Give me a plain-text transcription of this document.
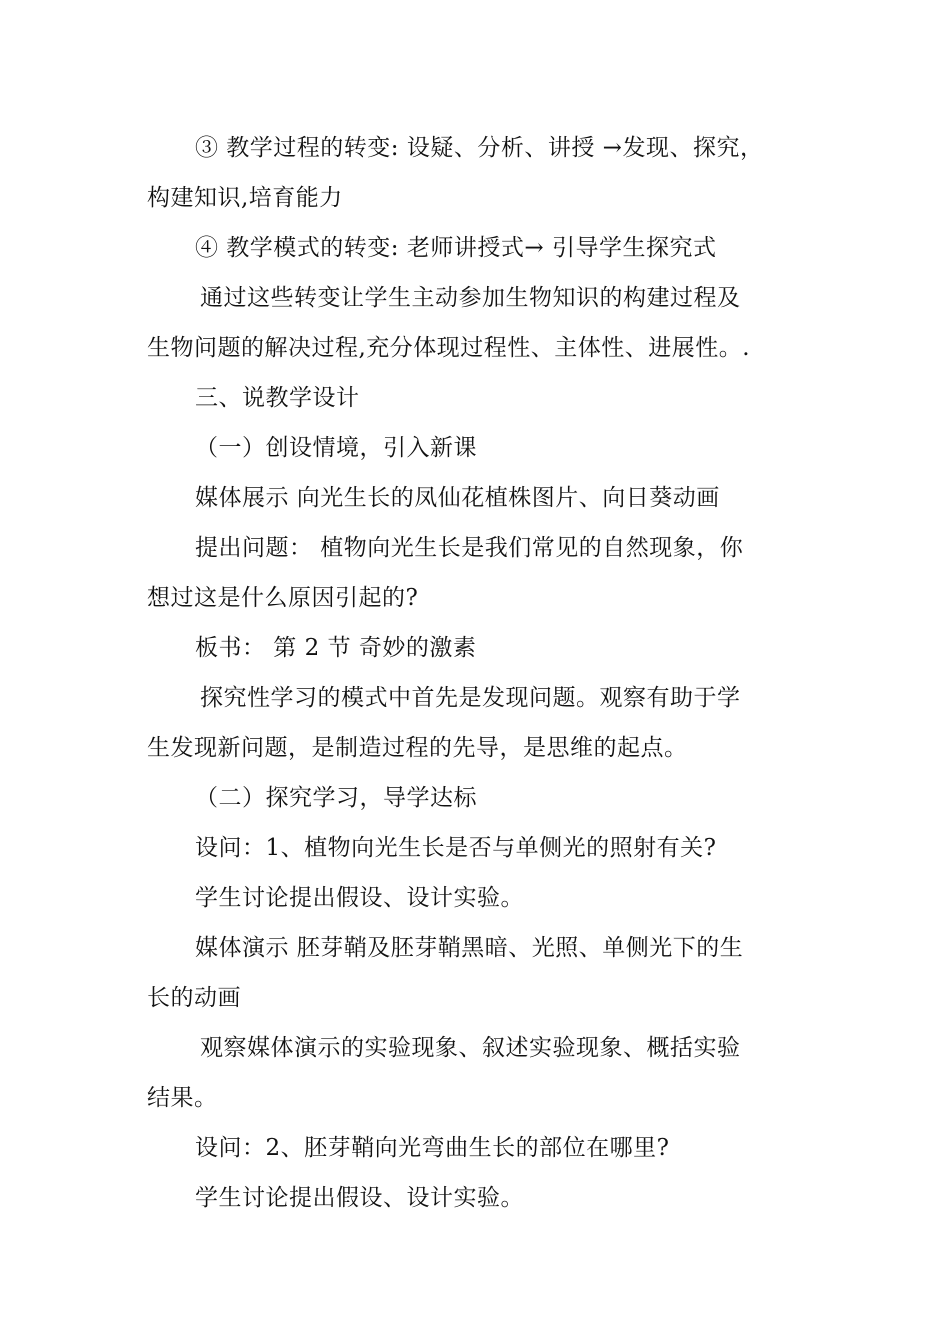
③ 教学过程的转变: 设疑、分析、讲授 →发现、探究，
构建知识,培育能力
④ 教学模式的转变: 老师讲授式→ 引导学生探究式
通过这些转变让学生主动参加生物知识的构建过程及
生物问题的解决过程,充分体现过程性、主体性、进展性。.
三、说教学设计
（一）创设情境，引入新课
媒体展示 向光生长的凤仙花植株图片、向日葵动画
提出问题： 植物向光生长是我们常见的自然现象，你
想过这是什么原因引起的?
板书： 第 2 节 奇妙的激素
探究性学习的模式中首先是发现问题。观察有助于学
生发现新问题，是制造过程的先导，是思维的起点。
（二）探究学习，导学达标
设问：1、植物向光生长是否与单侧光的照射有关?
学生讨论提出假设、设计实验。
媒体演示 胚芽鞘及胚芽鞘黑暗、光照、单侧光下的生
长的动画
观察媒体演示的实验现象、叙述实验现象、概括实验
结果。
设问：2、胚芽鞘向光弯曲生长的部位在哪里?
学生讨论提出假设、设计实验。
